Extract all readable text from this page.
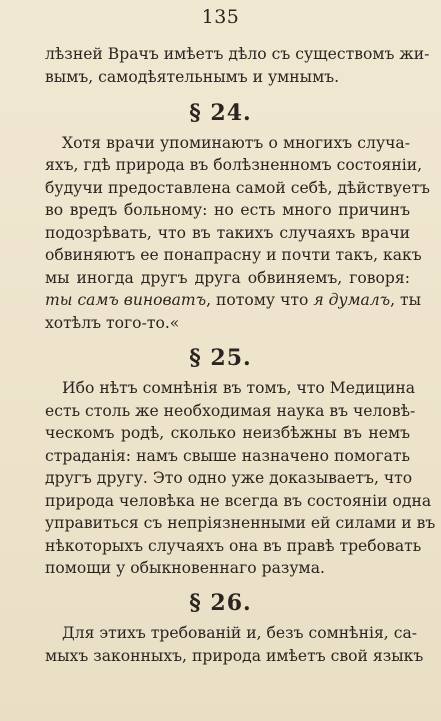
135
лѣзней Врачъ имѣетъ дѣло съ существомъ жи-
вымъ, самодѣятельнымъ и умнымъ.
§ 24.
Хотя врачи упоминаютъ о многихъ случа-
яхъ, гдѣ природа въ болѣзненномъ состояніи,
будучи предоставлена самой себѣ, дѣйствуетъ
во вредъ больному: но есть много причинъ
подозрѣвать, что въ такихъ случаяхъ врачи
обвиняютъ ее понапрасну и почти такъ, какъ
мы иногда другъ друга обвиняемъ, говоря:
ты самъ виноватъ, потому что я думалъ, ты
хотѣлъ того-то.«
§ 25.
Ибо нѣтъ сомнѣнія въ томъ, что Медицина
есть столь же необходимая наука въ человѣ-
ческомъ родѣ, сколько неизбѣжны въ немъ
страданія: намъ свыше назначено помогать
другъ другу. Это одно уже доказываетъ, что
природа человѣка не всегда въ состояніи одна
управиться съ непріязненными ей силами и въ
нѣкоторыхъ случаяхъ она въ правѣ требовать
помощи у обыкновеннаго разума.
§ 26.
Для этихъ требованій и, безъ сомнѣнія, са-
мыхъ законныхъ, природа имѣетъ свой языкъ
